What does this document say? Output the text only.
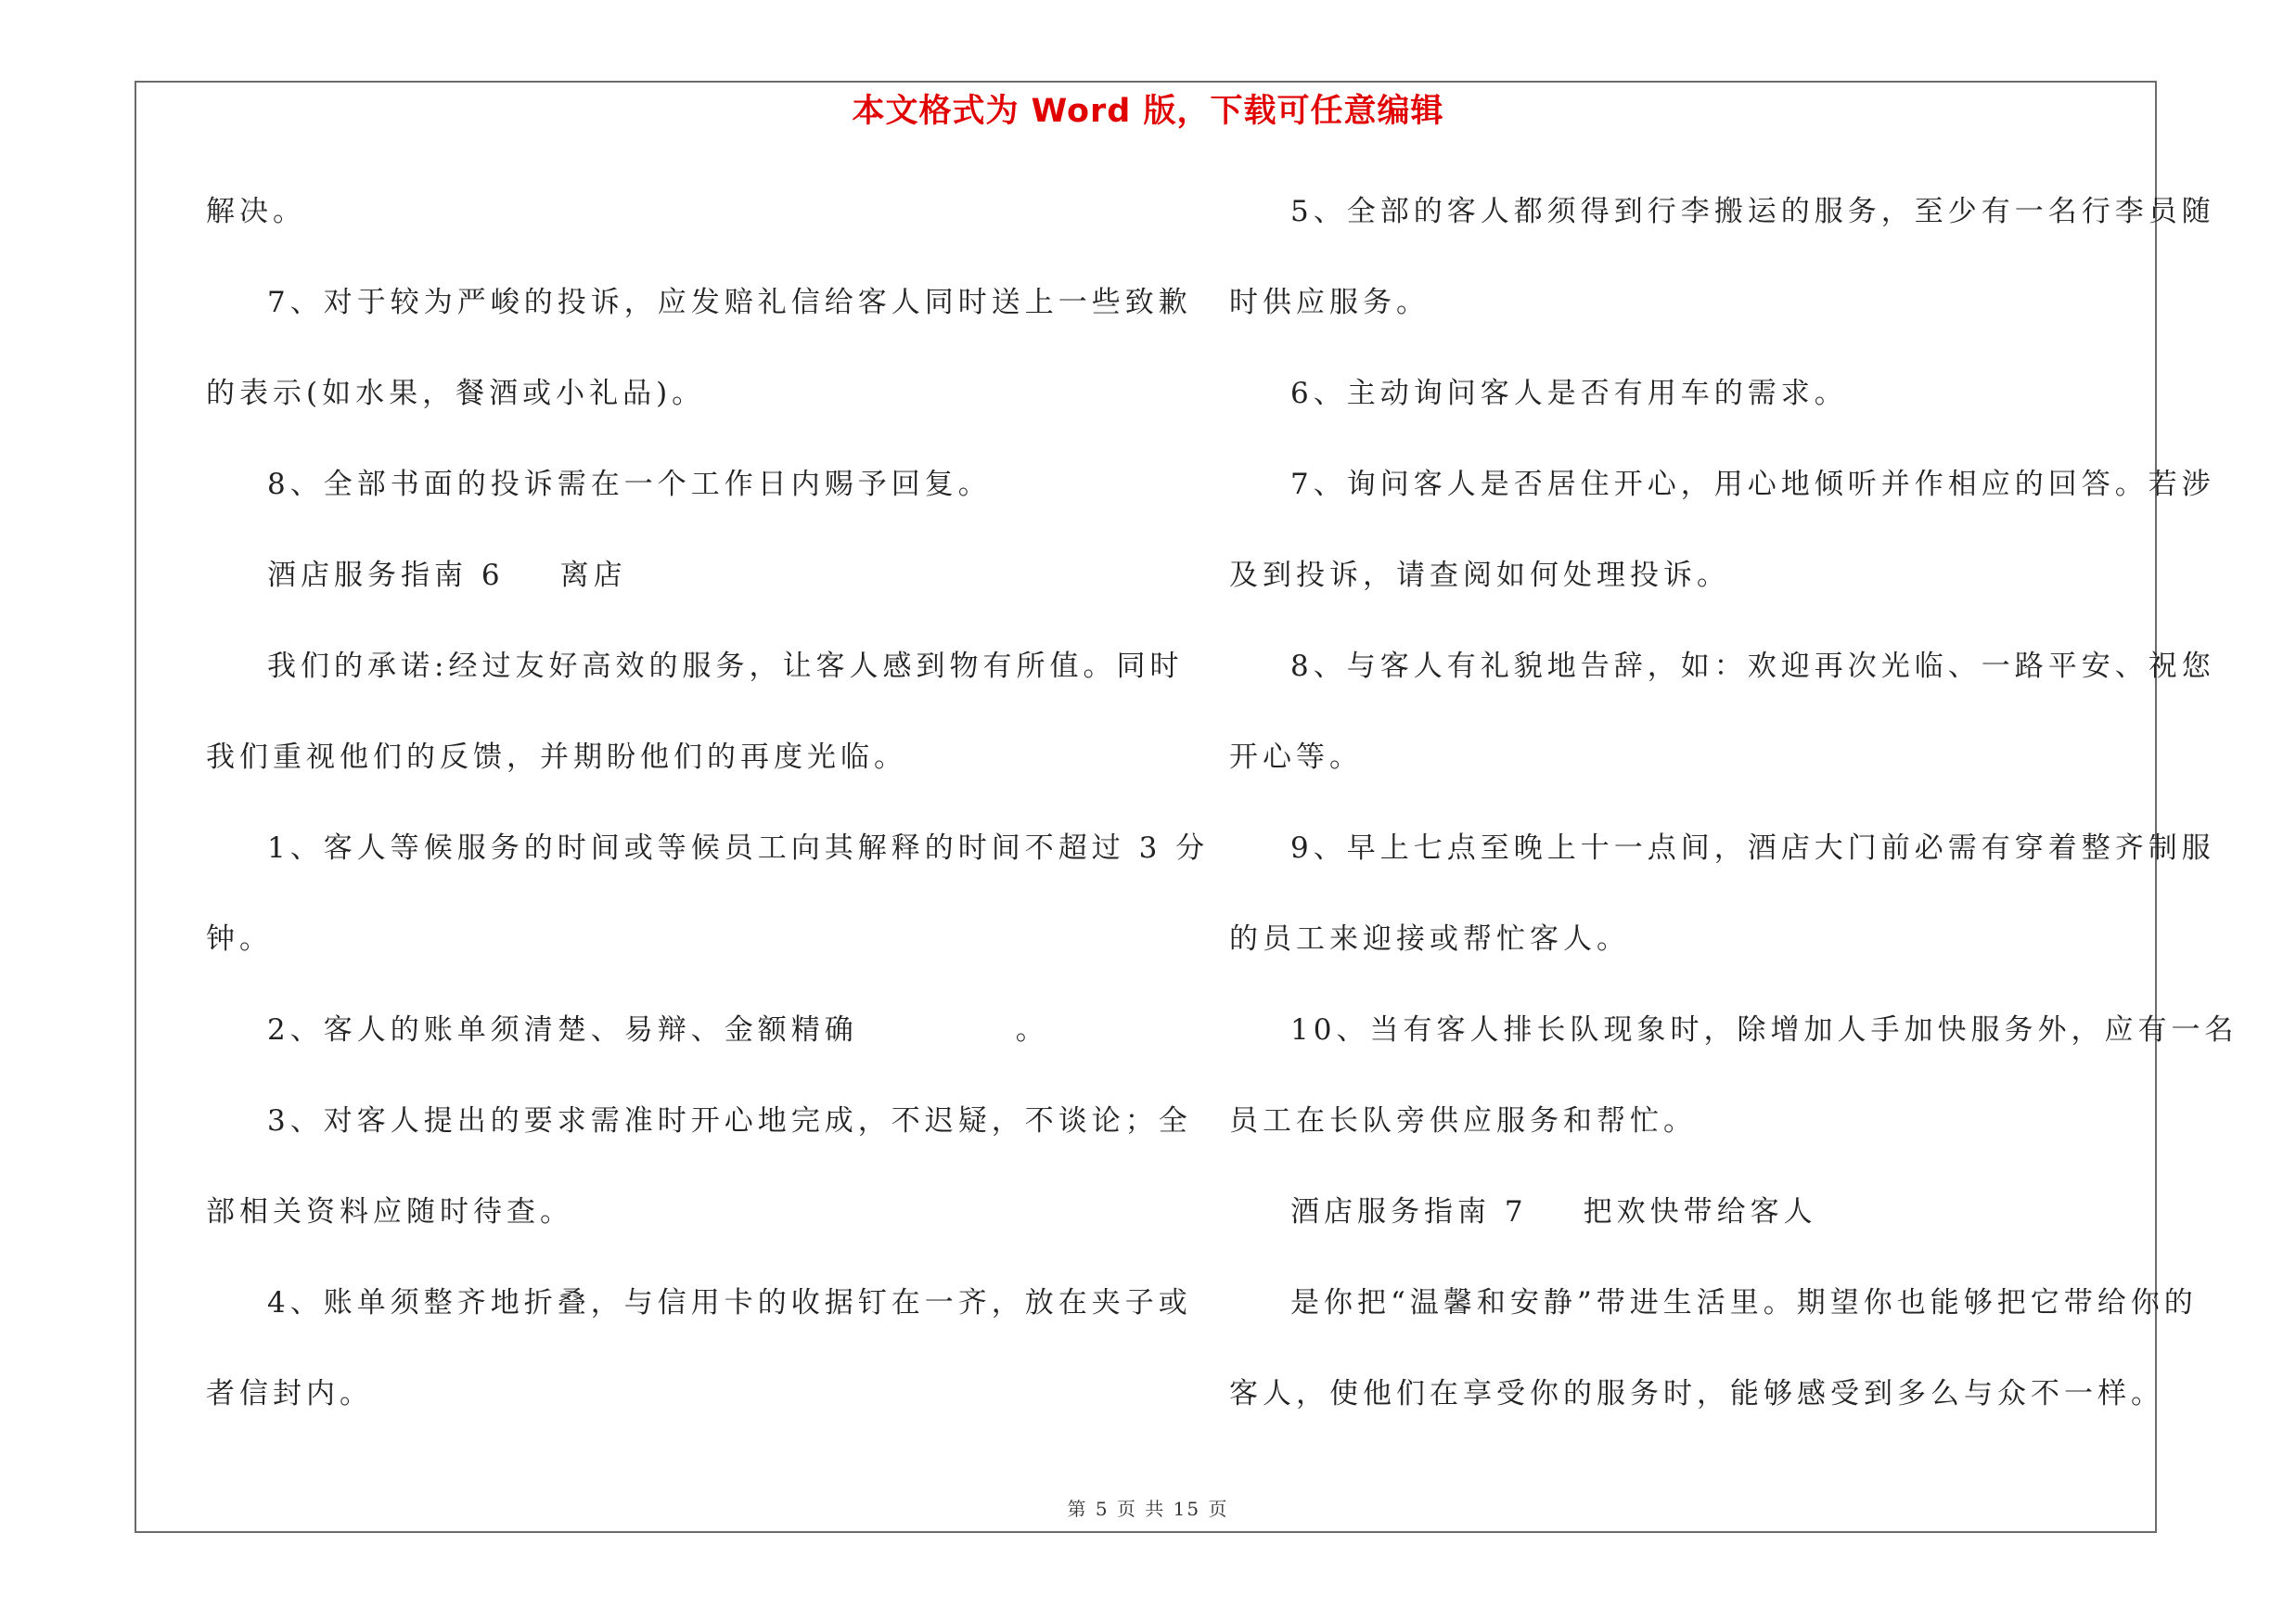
本文格式为 Word 版，下载可任意编辑
解决。
7、对于较为严峻的投诉，应发赔礼信给客人同时送上一些致歉
的表示(如水果，餐酒或小礼品)。
8、全部书面的投诉需在一个工作日内赐予回复。
酒店服务指南 6 离店
我们的承诺:经过友好高效的服务，让客人感到物有所值。同时
我们重视他们的反馈，并期盼他们的再度光临。
1、客人等候服务的时间或等候员工向其解释的时间不超过 3 分
钟。
2、客人的账单须清楚、易辩、金额精确	。
3、对客人提出的要求需准时开心地完成，不迟疑，不谈论；全
部相关资料应随时待查。
4、账单须整齐地折叠，与信用卡的收据钉在一齐，放在夹子或
者信封内。
5、全部的客人都须得到行李搬运的服务，至少有一名行李员随
时供应服务。
6、主动询问客人是否有用车的需求。
7、询问客人是否居住开心，用心地倾听并作相应的回答。若涉
及到投诉，请查阅如何处理投诉。
8、与客人有礼貌地告辞，如：欢迎再次光临、一路平安、祝您
开心等。
9、早上七点至晚上十一点间，酒店大门前必需有穿着整齐制服
的员工来迎接或帮忙客人。
10、当有客人排长队现象时，除增加人手加快服务外，应有一名
员工在长队旁供应服务和帮忙。
酒店服务指南 7 把欢快带给客人
是你把“温馨和安静”带进生活里。期望你也能够把它带给你的
客人，使他们在享受你的服务时，能够感受到多么与众不一样。
第 5 页 共 15 页
